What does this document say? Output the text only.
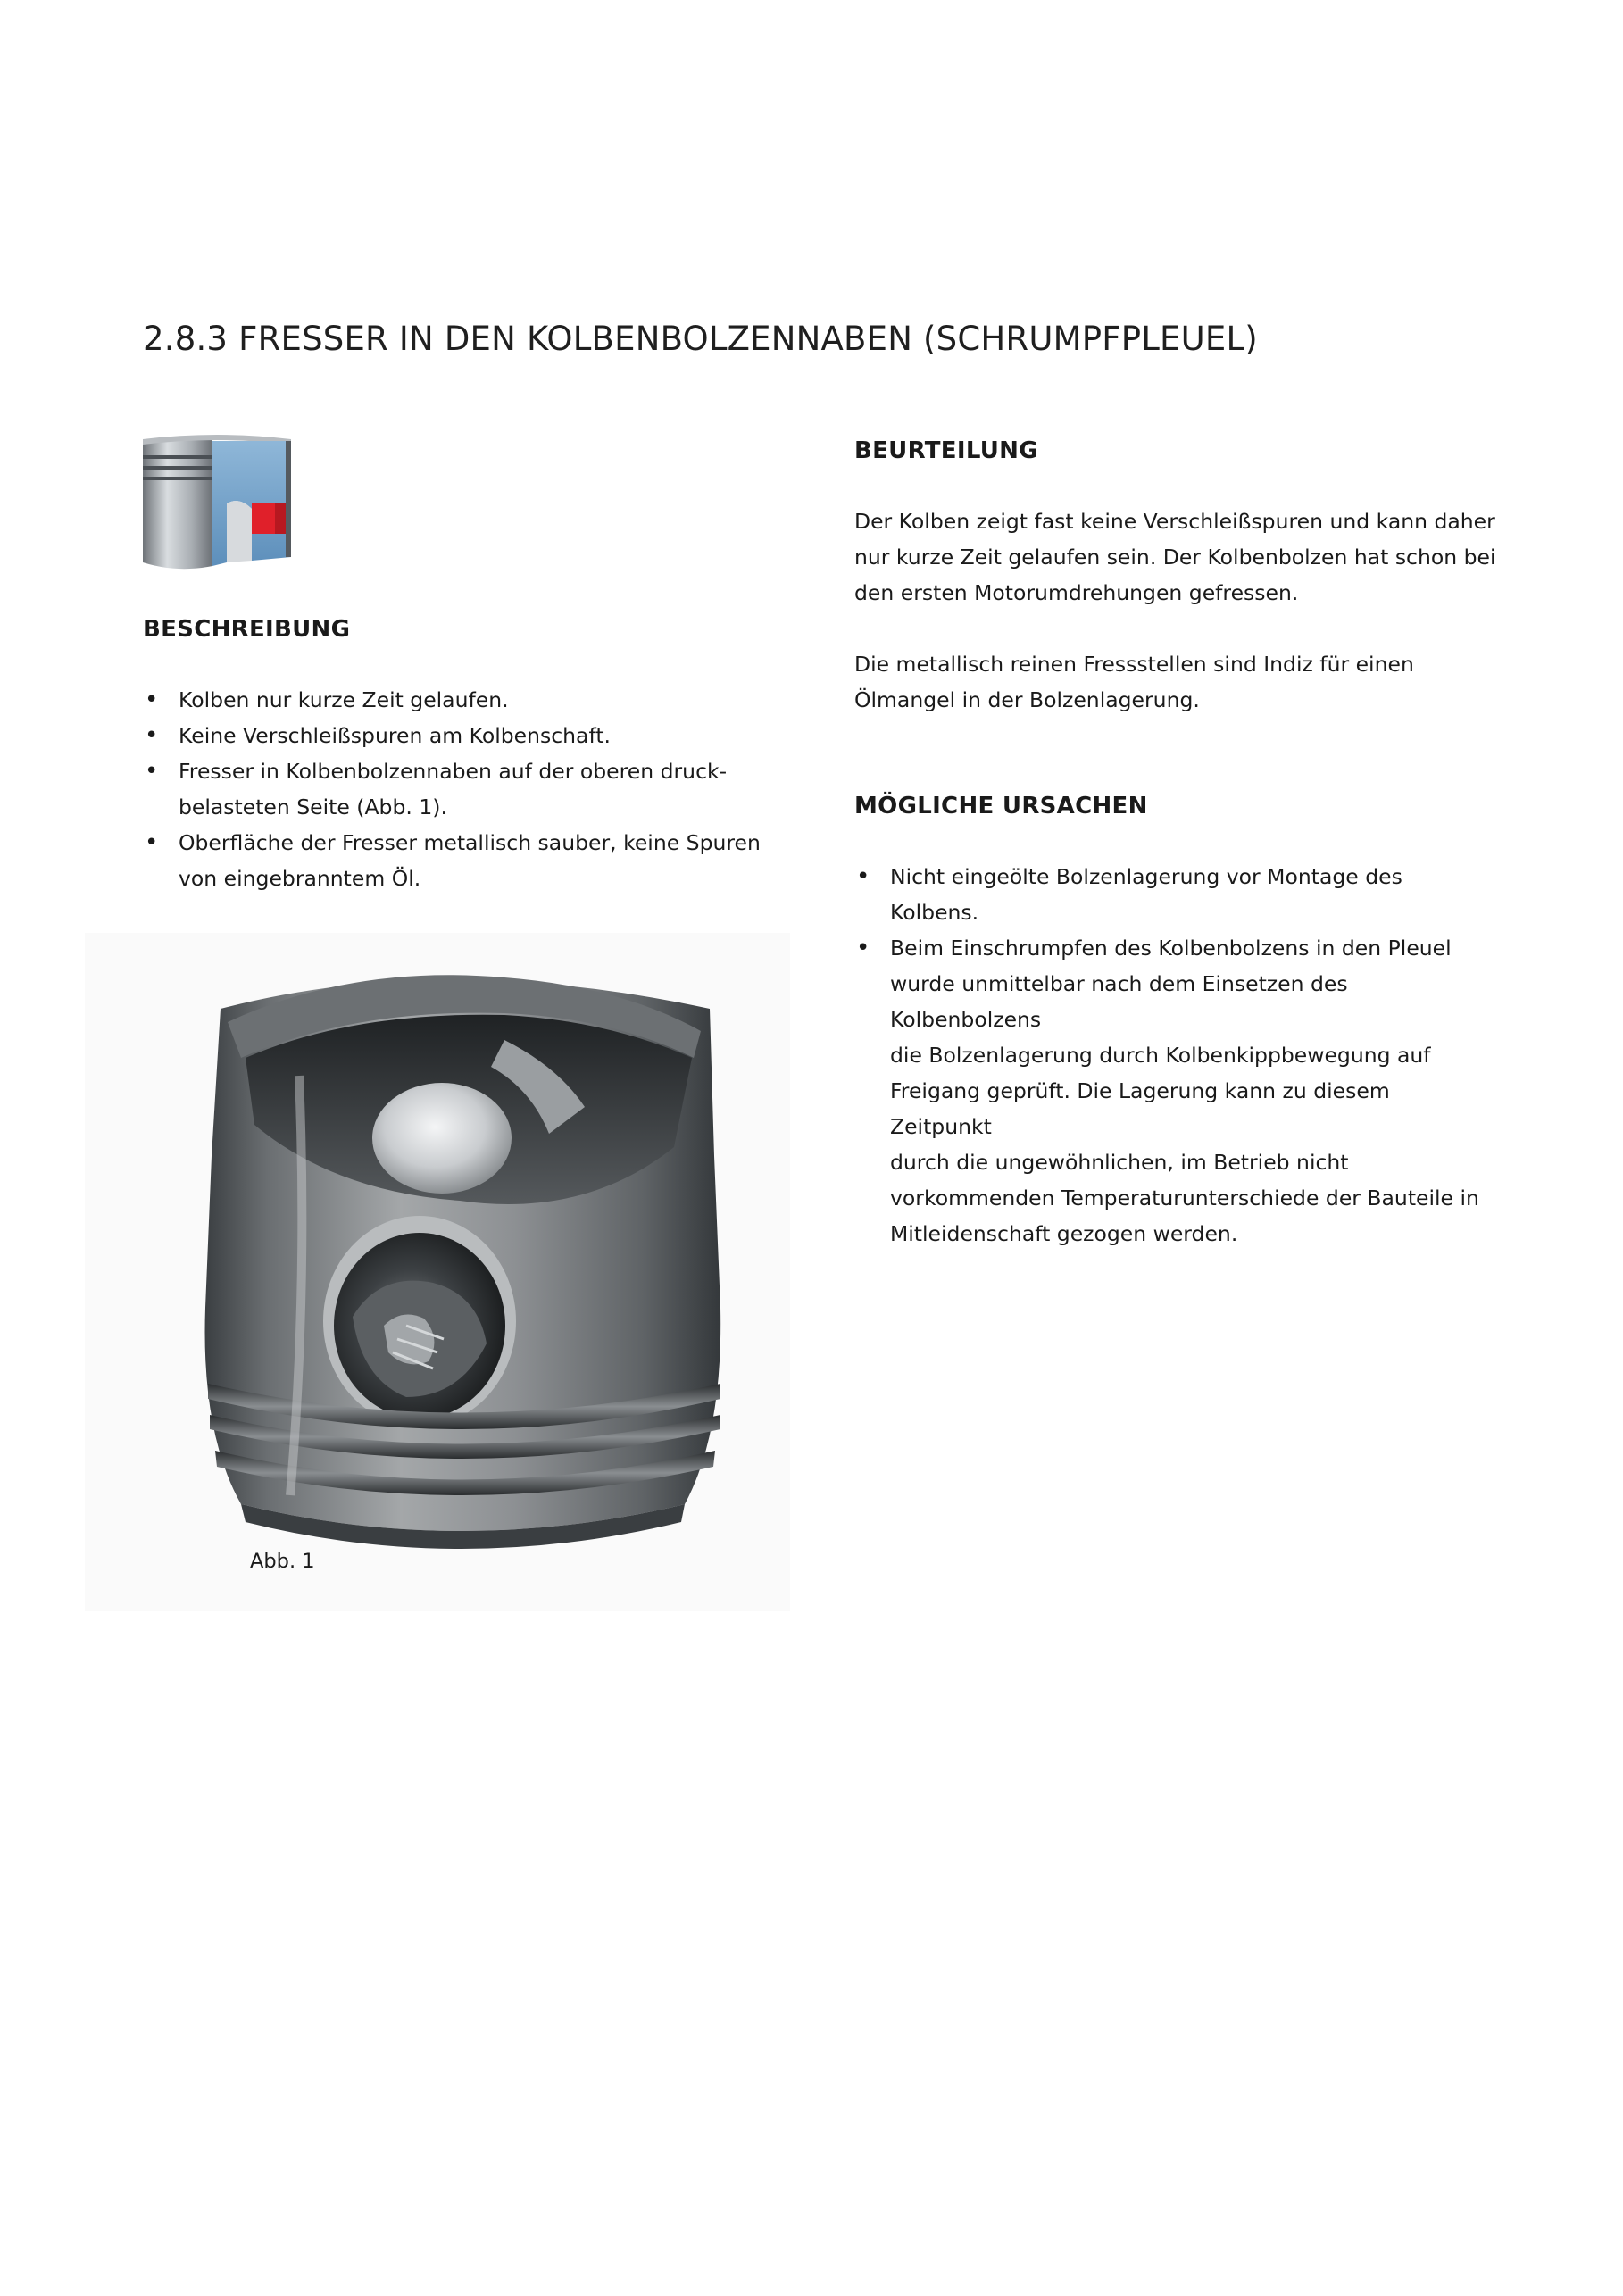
2.8.3 FRESSER IN DEN KOLBENBOLZENNABEN (SCHRUMPFPLEUEL)
BESCHREIBUNG
• Kolben nur kurze Zeit gelaufen.
• Keine Verschleißspuren am Kolbenschaft.
• Fresser in Kolbenbolzennaben auf der oberen druck-
belasteten Seite (Abb. 1).
• Oberfläche der Fresser metallisch sauber, keine Spuren
von eingebranntem Öl.
BEURTEILUNG

Der Kolben zeigt fast keine Verschleißspuren und kann daher
nur kurze Zeit gelaufen sein. Der Kolbenbolzen hat schon bei
den ersten Motorumdrehungen gefressen.

Die metallisch reinen Fressstellen sind Indiz für einen
Ölmangel in der Bolzenlagerung.

MÖGLICHE URSACHEN
• Nicht eingeölte Bolzenlagerung vor Montage des Kolbens.
• Beim Einschrumpfen des Kolbenbolzens in den Pleuel
wurde unmittelbar nach dem Einsetzen des Kolbenbolzens
die Bolzenlagerung durch Kolbenkippbewegung auf
Freigang geprüft. Die Lagerung kann zu diesem Zeitpunkt
durch die ungewöhnlichen, im Betrieb nicht
vorkommenden Temperaturunterschiede der Bauteile in
Mitleidenschaft gezogen werden.
Abb. 1
